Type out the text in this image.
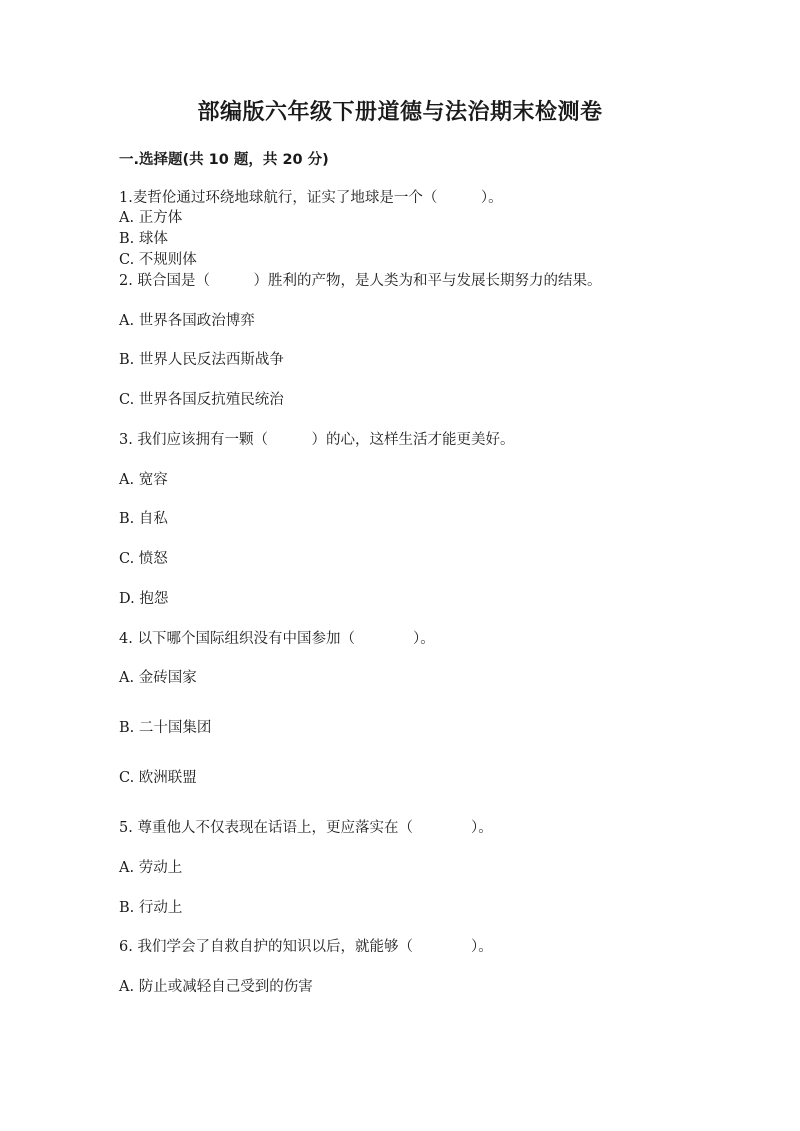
部编版六年级下册道德与法治期末检测卷
一.选择题(共 10 题，共 20 分)
1.麦哲伦通过环绕地球航行，证实了地球是一个（　　　）。
A. 正方体
B. 球体
C. 不规则体
2. 联合国是（　　　）胜利的产物，是人类为和平与发展长期努力的结果。
A. 世界各国政治博弈
B. 世界人民反法西斯战争
C. 世界各国反抗殖民统治
3. 我们应该拥有一颗（　　　）的心，这样生活才能更美好。
A. 宽容
B. 自私
C. 愤怒
D. 抱怨
4. 以下哪个国际组织没有中国参加（　　　　）。
A. 金砖国家
B. 二十国集团
C. 欧洲联盟
5. 尊重他人不仅表现在话语上，更应落实在（　　　　）。
A. 劳动上
B. 行动上
6. 我们学会了自救自护的知识以后，就能够（　　　　）。
A. 防止或减轻自己受到的伤害
